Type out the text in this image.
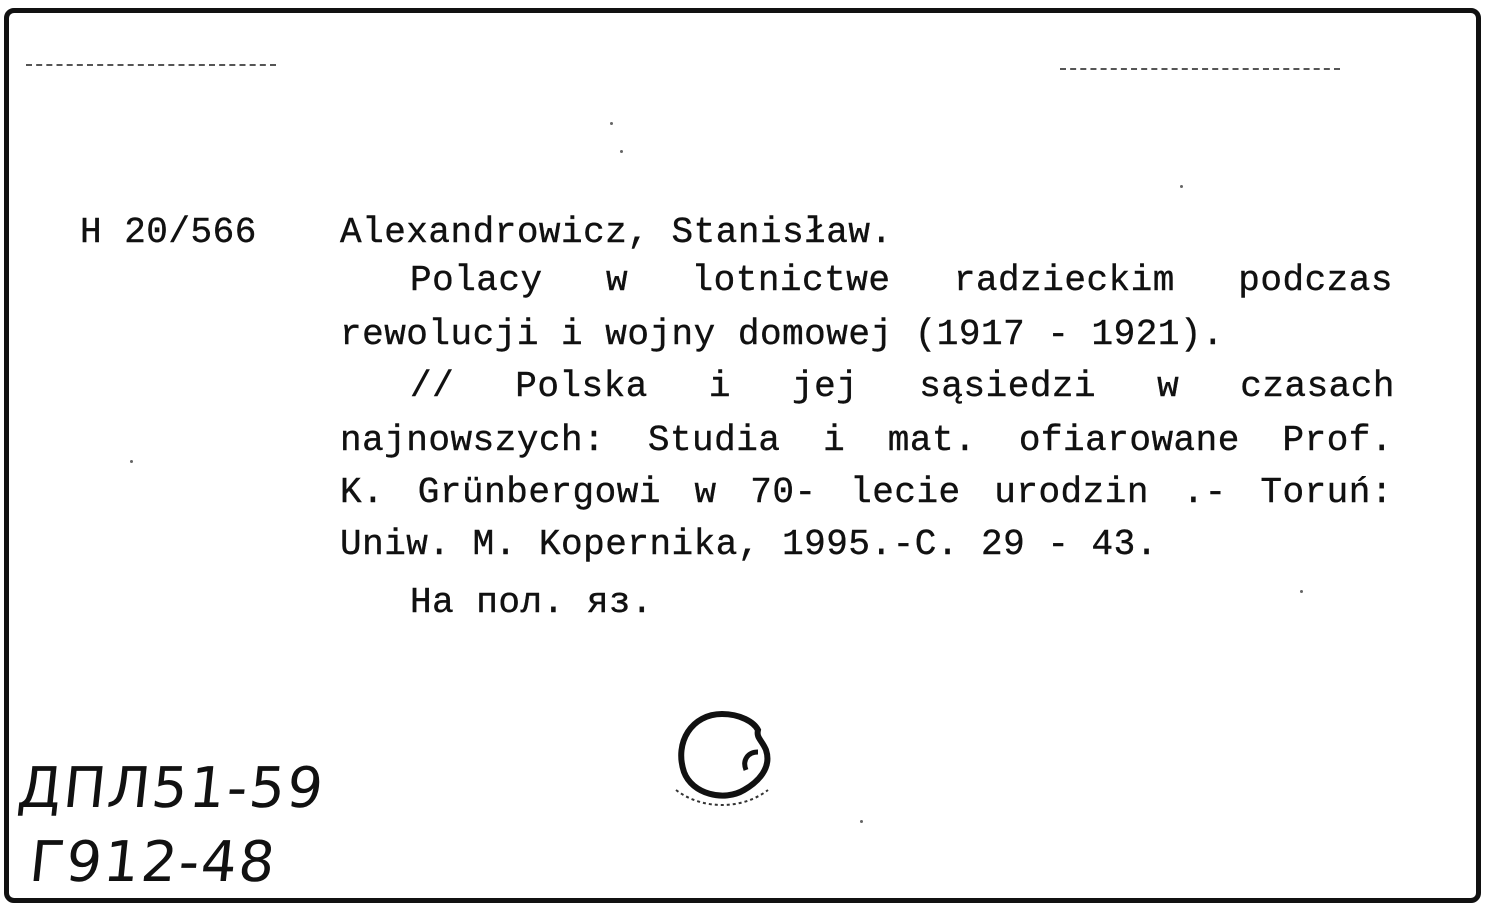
H 20/566 Alexandrowicz, Stanisław.
Polacy w lotnictwe radzieckim podczas
rewolucji i wojny domowej (1917 - 1921).
// Polska i jej sąsiedzi w czasach
najnowszych: Studia i mat. ofiarowane Prof.
K. Grünbergowi w 70- lecie urodzin .- Toruń:
Uniw. M. Kopernika, 1995.-C. 29 - 43.
На пол. яз.
ДПЛ51-59
Г912-48
